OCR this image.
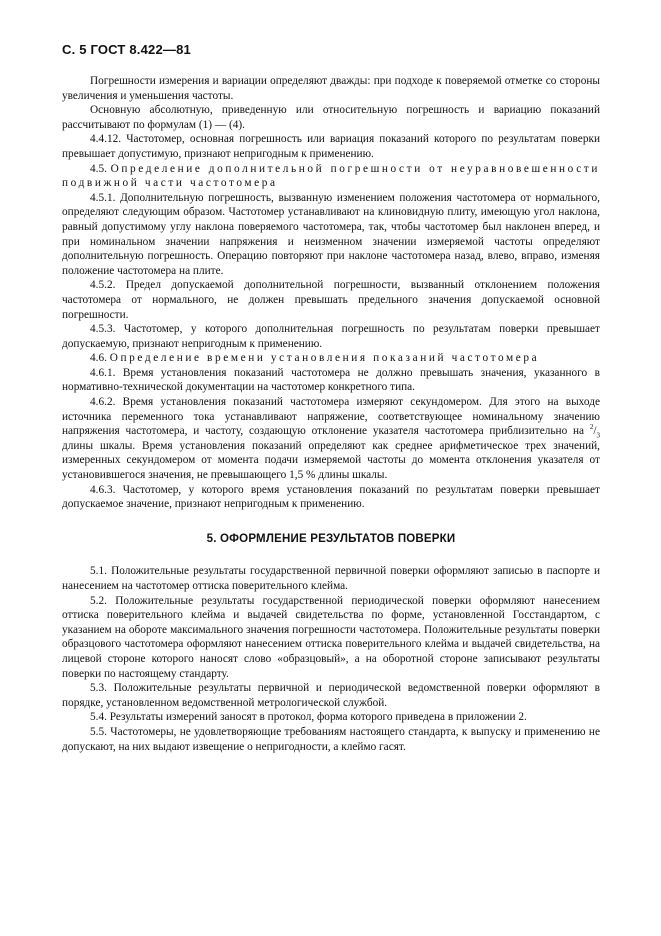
С. 5 ГОСТ 8.422—81

Погрешности измерения и вариации определяют дважды: при подходе к поверяемой отметке со стороны увеличения и уменьшения частоты.

Основную абсолютную, приведенную или относительную погрешность и вариацию показаний рассчитывают по формулам (1) — (4).

4.4.12. Частотомер, основная погрешность или вариация показаний которого по результатам поверки превышает допустимую, признают непригодным к применению.

4.5. Определение дополнительной погрешности от неуравновешенности подвижной части частотомера

4.5.1. Дополнительную погрешность, вызванную изменением положения частотомера от нормального, определяют следующим образом. Частотомер устанавливают на клиновидную плиту, имеющую угол наклона, равный допустимому углу наклона поверяемого частотомера, так, чтобы частотомер был наклонен вперед, и при номинальном значении напряжения и неизменном значении измеряемой частоты определяют дополнительную погрешность. Операцию повторяют при наклоне частотомера назад, влево, вправо, изменяя положение частотомера на плите.

4.5.2. Предел допускаемой дополнительной погрешности, вызванный отклонением положения частотомера от нормального, не должен превышать предельного значения допускаемой основной погрешности.

4.5.3. Частотомер, у которого дополнительная погрешность по результатам поверки превышает допускаемую, признают непригодным к применению.

4.6. Определение времени установления показаний частотомера

4.6.1. Время установления показаний частотомера не должно превышать значения, указанного в нормативно-технической документации на частотомер конкретного типа.

4.6.2. Время установления показаний частотомера измеряют секундомером. Для этого на выходе источника переменного тока устанавливают напряжение, соответствующее номинальному значению напряжения частотомера, и частоту, создающую отклонение указателя частотомера приблизительно на $^2/_3$ длины шкалы. Время установления показаний определяют как среднее арифметическое трех значений, измеренных секундомером от момента подачи измеряемой частоты до момента отклонения указателя от установившегося значения, не превышающего 1,5 % длины шкалы.

4.6.3. Частотомер, у которого время установления показаний по результатам поверки превышает допускаемое значение, признают непригодным к применению.

5. ОФОРМЛЕНИЕ РЕЗУЛЬТАТОВ ПОВЕРКИ

5.1. Положительные результаты государственной первичной поверки оформляют записью в паспорте и нанесением на частотомер оттиска поверительного клейма.

5.2. Положительные результаты государственной периодической поверки оформляют нанесением оттиска поверительного клейма и выдачей свидетельства по форме, установленной Госстандартом, с указанием на обороте максимального значения погрешности частотомера. Положительные результаты поверки образцового частотомера оформляют нанесением оттиска поверительного клейма и выдачей свидетельства, на лицевой стороне которого наносят слово «образцовый», а на оборотной стороне записывают результаты поверки по настоящему стандарту.

5.3. Положительные результаты первичной и периодической ведомственной поверки оформляют в порядке, установленном ведомственной метрологической службой.

5.4. Результаты измерений заносят в протокол, форма которого приведена в приложении 2.

5.5. Частотомеры, не удовлетворяющие требованиям настоящего стандарта, к выпуску и применению не допускают, на них выдают извещение о непригодности, а клеймо гасят.
